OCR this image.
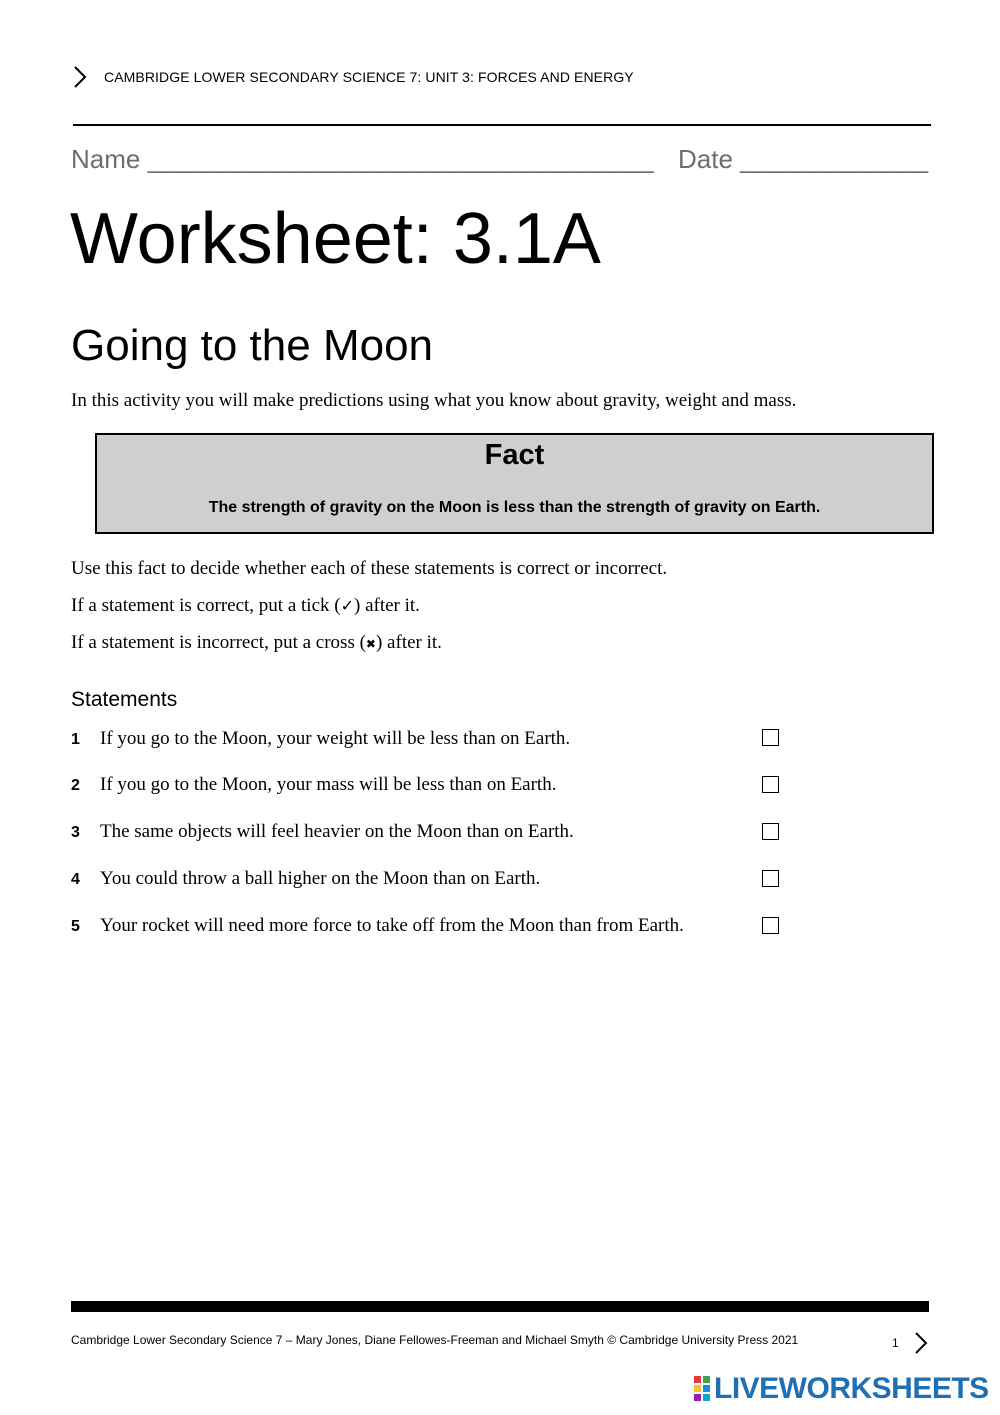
CAMBRIDGE LOWER SECONDARY SCIENCE 7: UNIT 3: FORCES AND ENERGY
Name ___________________________________ Date _____________
Worksheet: 3.1A
Going to the Moon
In this activity you will make predictions using what you know about gravity, weight and mass.
Fact
The strength of gravity on the Moon is less than the strength of gravity on Earth.
Use this fact to decide whether each of these statements is correct or incorrect.
If a statement is correct, put a tick (✓) after it.
If a statement is incorrect, put a cross (✖) after it.
Statements
1 If you go to the Moon, your weight will be less than on Earth.
2 If you go to the Moon, your mass will be less than on Earth.
3 The same objects will feel heavier on the Moon than on Earth.
4 You could throw a ball higher on the Moon than on Earth.
5 Your rocket will need more force to take off from the Moon than from Earth.
Cambridge Lower Secondary Science 7 – Mary Jones, Diane Fellowes-Freeman and Michael Smyth © Cambridge University Press 2021	1
LIVEWORKSHEETS
